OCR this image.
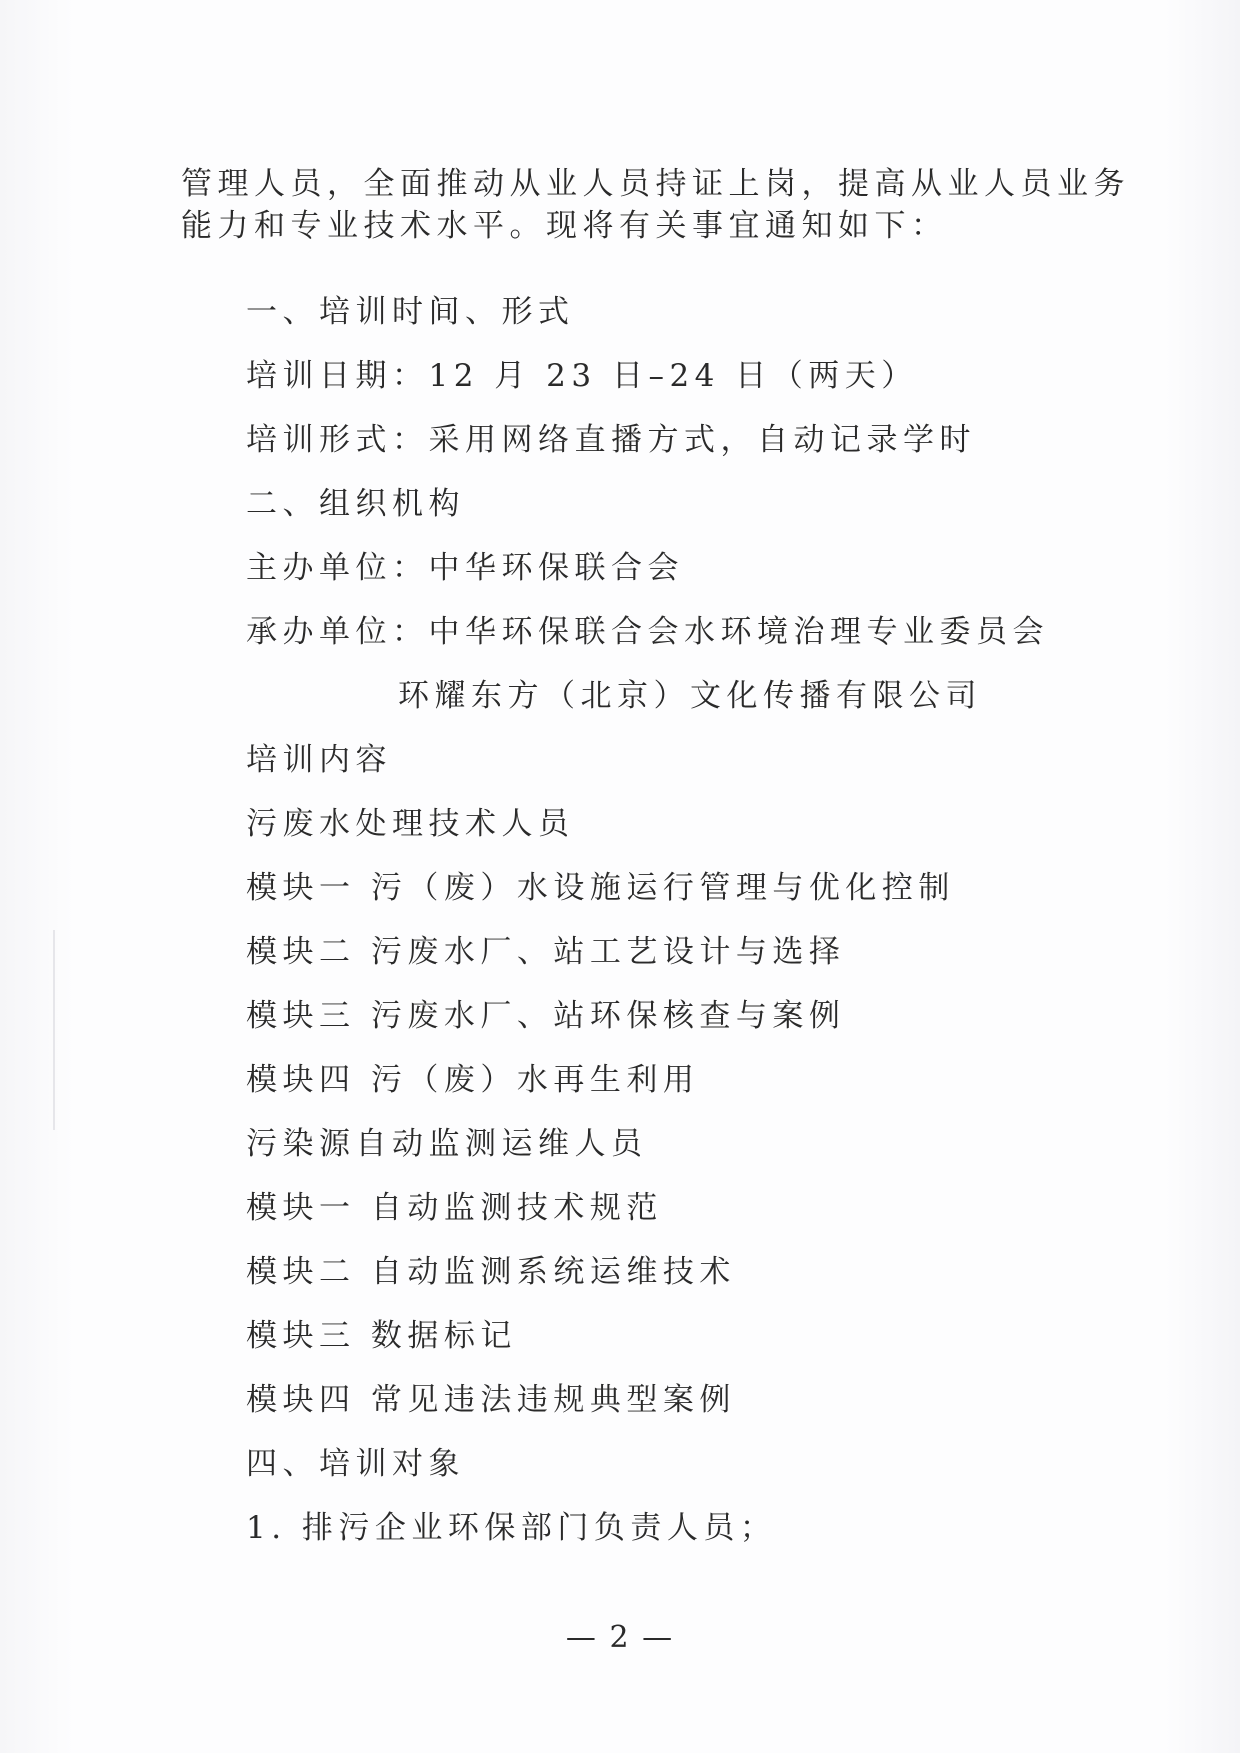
管理人员，全面推动从业人员持证上岗，提高从业人员业务
能力和专业技术水平。现将有关事宜通知如下：
一、培训时间、形式
培训日期：12 月 23 日–24 日（两天）
培训形式：采用网络直播方式，自动记录学时
二、组织机构
主办单位：中华环保联合会
承办单位：中华环保联合会水环境治理专业委员会
环耀东方（北京）文化传播有限公司
培训内容
污废水处理技术人员
模块一 污（废）水设施运行管理与优化控制
模块二 污废水厂、站工艺设计与选择
模块三 污废水厂、站环保核查与案例
模块四 污（废）水再生利用
污染源自动监测运维人员
模块一 自动监测技术规范
模块二 自动监测系统运维技术
模块三 数据标记
模块四 常见违法违规典型案例
四、培训对象
1. 排污企业环保部门负责人员；
— 2 —
